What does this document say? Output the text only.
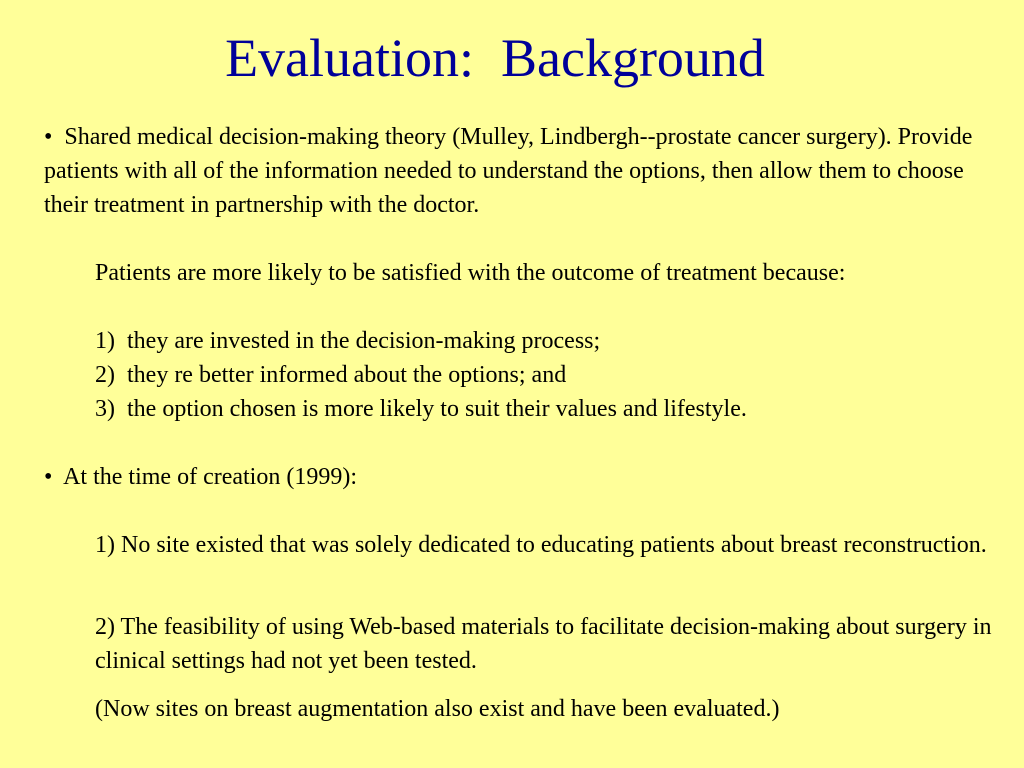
Evaluation:  Background
• Shared medical decision-making theory (Mulley, Lindbergh--prostate cancer surgery). Provide patients with all of the information needed to understand the options, then allow them to choose their treatment in partnership with the doctor.
Patients are more likely to be satisfied with the outcome of treatment because:
1)  they are invested in the decision-making process;
2)  they re better informed about the options; and
3)  the option chosen is more likely to suit their values and lifestyle.
• At the time of creation (1999):
1) No site existed that was solely dedicated to educating patients about breast reconstruction.
2) The feasibility of using Web-based materials to facilitate decision-making about surgery in clinical settings had not yet been tested.
(Now sites on breast augmentation also exist and have been evaluated.)
